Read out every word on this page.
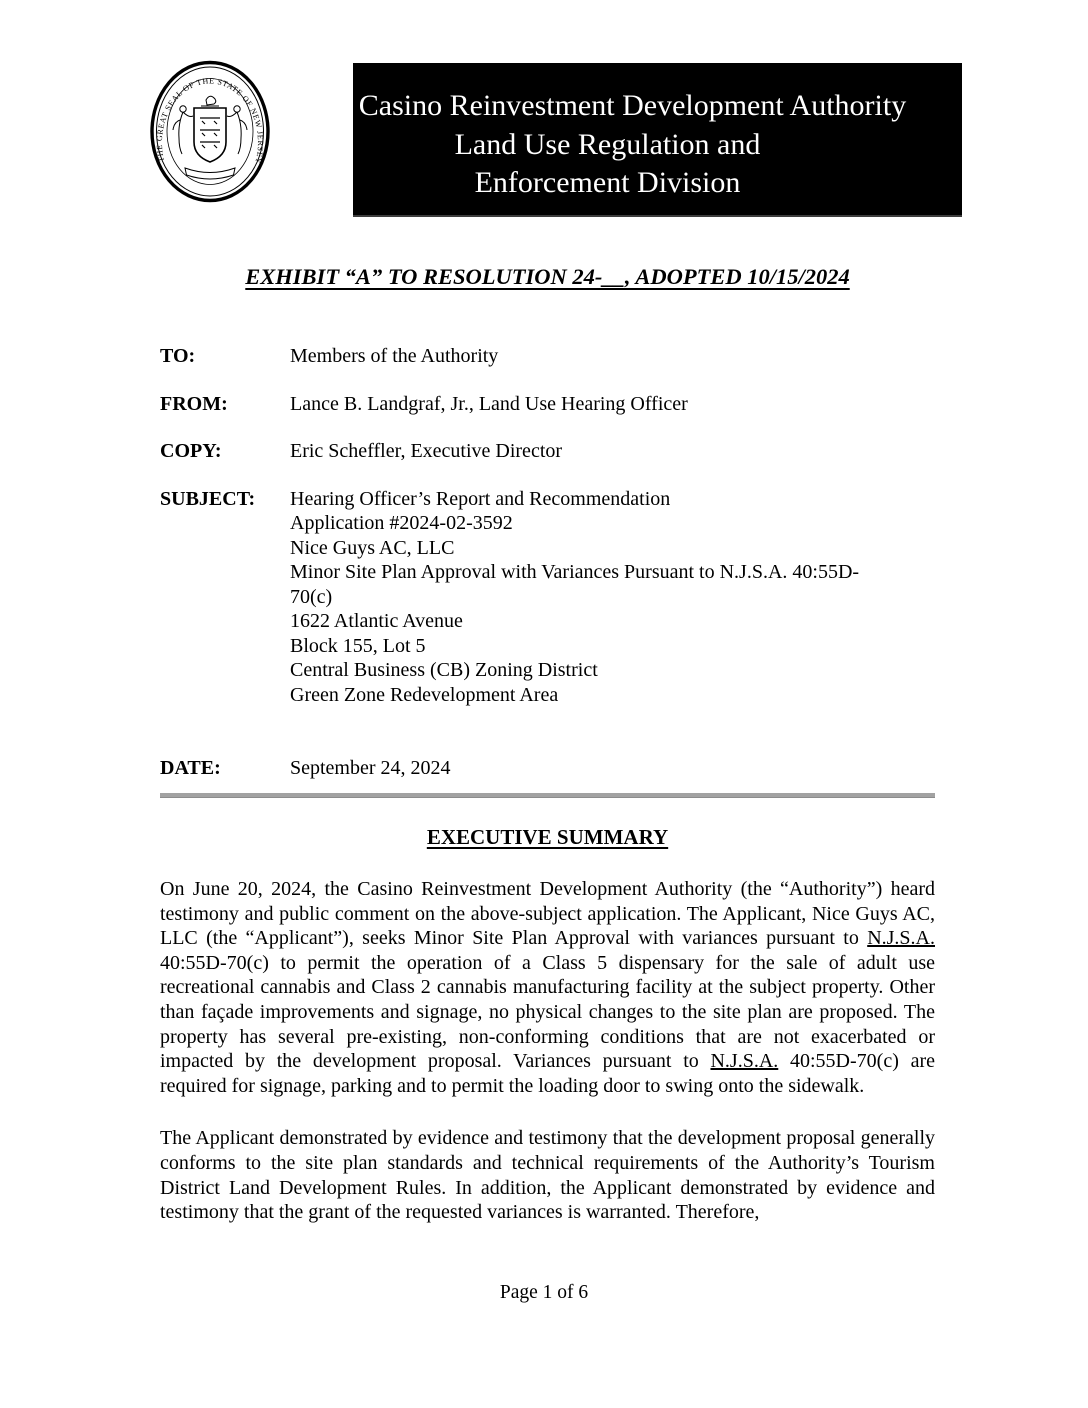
THE GREAT SEAL OF THE STATE OF NEW JERSEY
Casino Reinvestment Development Authority
Land Use Regulation and
Enforcement Division
EXHIBIT “A” TO RESOLUTION 24-__, ADOPTED 10/15/2024
TO:	Members of the Authority
FROM:	Lance B. Landgraf, Jr., Land Use Hearing Officer
COPY:	Eric Scheffler, Executive Director
SUBJECT:	Hearing Officer’s Report and Recommendation
Application #2024-02-3592
Nice Guys AC, LLC
Minor Site Plan Approval with Variances Pursuant to N.J.S.A. 40:55D-
70(c)
1622 Atlantic Avenue
Block 155, Lot 5
Central Business (CB) Zoning District
Green Zone Redevelopment Area
DATE:	September 24, 2024
EXECUTIVE SUMMARY

On June 20, 2024, the Casino Reinvestment Development Authority (the “Authority”) heard testimony and public comment on the above-subject application. The Applicant, Nice Guys AC, LLC (the “Applicant”), seeks Minor Site Plan Approval with variances pursuant to N.J.S.A. 40:55D-70(c) to permit the operation of a Class 5 dispensary for the sale of adult use recreational cannabis and Class 2 cannabis manufacturing facility at the subject property. Other than façade improvements and signage, no physical changes to the site plan are proposed. The property has several pre-existing, non-conforming conditions that are not exacerbated or impacted by the development proposal. Variances pursuant to N.J.S.A. 40:55D-70(c) are required for signage, parking and to permit the loading door to swing onto the sidewalk.

The Applicant demonstrated by evidence and testimony that the development proposal generally conforms to the site plan standards and technical requirements of the Authority’s Tourism District Land Development Rules. In addition, the Applicant demonstrated by evidence and testimony that the grant of the requested variances is warranted. Therefore,

Page 1 of 6
